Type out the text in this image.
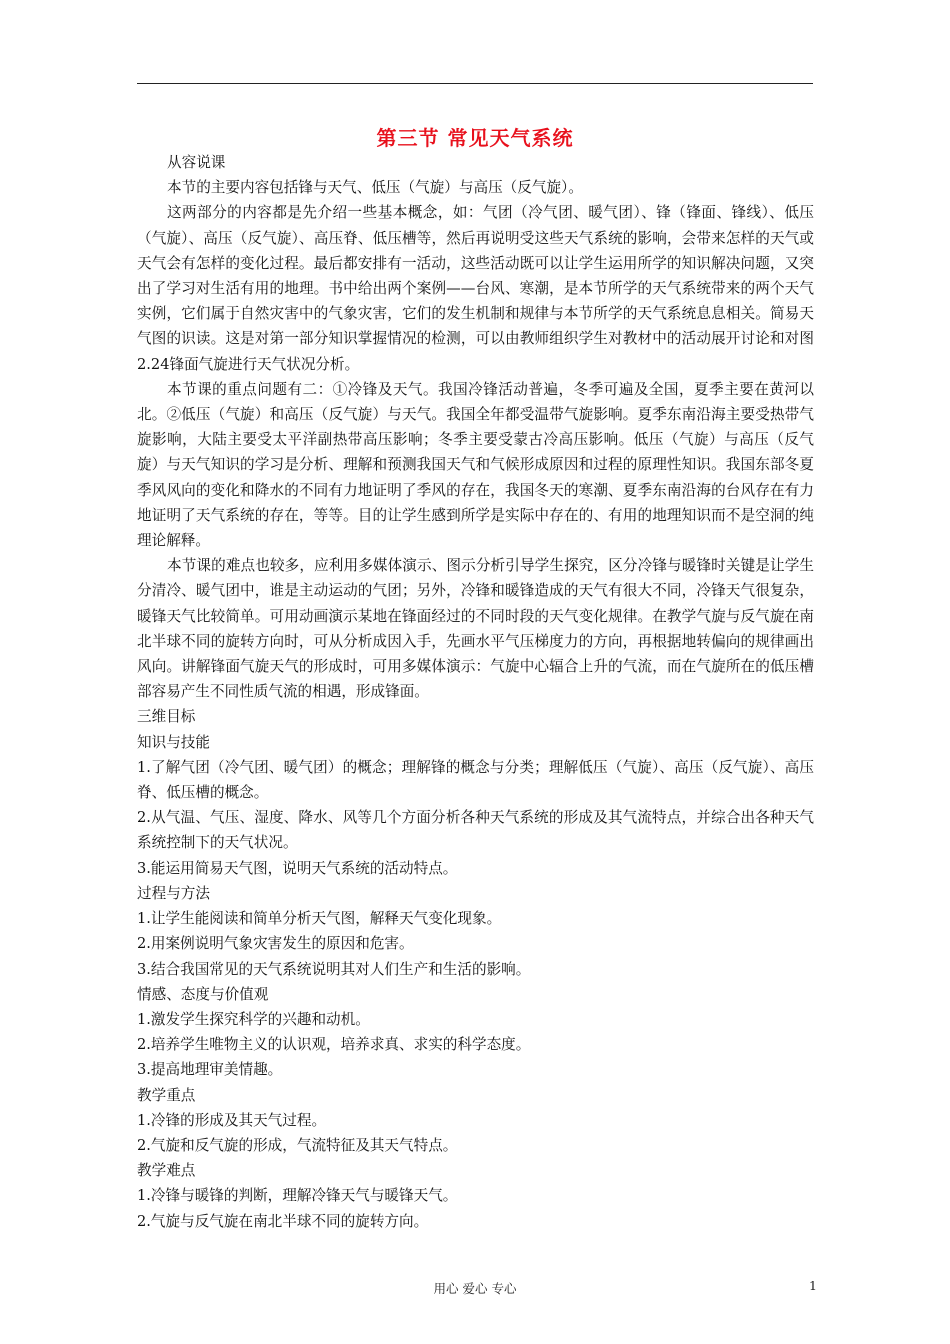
第三节 常见天气系统

从容说课

本节的主要内容包括锋与天气、低压（气旋）与高压（反气旋）。

这两部分的内容都是先介绍一些基本概念，如：气团（冷气团、暖气团）、锋（锋面、锋线）、低压（气旋）、高压（反气旋）、高压脊、低压槽等，然后再说明受这些天气系统的影响，会带来怎样的天气或天气会有怎样的变化过程。最后都安排有一活动，这些活动既可以让学生运用所学的知识解决问题，又突出了学习对生活有用的地理。书中给出两个案例——台风、寒潮，是本节所学的天气系统带来的两个天气实例，它们属于自然灾害中的气象灾害，它们的发生机制和规律与本节所学的天气系统息息相关。简易天气图的识读。这是对第一部分知识掌握情况的检测，可以由教师组织学生对教材中的活动展开讨论和对图2.24锋面气旋进行天气状况分析。

本节课的重点问题有二：①冷锋及天气。我国冷锋活动普遍，冬季可遍及全国，夏季主要在黄河以北。②低压（气旋）和高压（反气旋）与天气。我国全年都受温带气旋影响。夏季东南沿海主要受热带气旋影响，大陆主要受太平洋副热带高压影响；冬季主要受蒙古冷高压影响。低压（气旋）与高压（反气旋）与天气知识的学习是分析、理解和预测我国天气和气候形成原因和过程的原理性知识。我国东部冬夏季风风向的变化和降水的不同有力地证明了季风的存在，我国冬天的寒潮、夏季东南沿海的台风存在有力地证明了天气系统的存在，等等。目的让学生感到所学是实际中存在的、有用的地理知识而不是空洞的纯理论解释。

本节课的难点也较多，应利用多媒体演示、图示分析引导学生探究，区分冷锋与暖锋时关键是让学生分清冷、暖气团中，谁是主动运动的气团；另外，冷锋和暖锋造成的天气有很大不同，冷锋天气很复杂，暖锋天气比较简单。可用动画演示某地在锋面经过的不同时段的天气变化规律。在教学气旋与反气旋在南北半球不同的旋转方向时，可从分析成因入手，先画水平气压梯度力的方向，再根据地转偏向的规律画出风向。讲解锋面气旋天气的形成时，可用多媒体演示：气旋中心辐合上升的气流，而在气旋所在的低压槽部容易产生不同性质气流的相遇，形成锋面。

三维目标

知识与技能

1.了解气团（冷气团、暖气团）的概念；理解锋的概念与分类；理解低压（气旋）、高压（反气旋）、高压脊、低压槽的概念。

2.从气温、气压、湿度、降水、风等几个方面分析各种天气系统的形成及其气流特点，并综合出各种天气系统控制下的天气状况。

3.能运用简易天气图，说明天气系统的活动特点。

过程与方法

1.让学生能阅读和简单分析天气图，解释天气变化现象。

2.用案例说明气象灾害发生的原因和危害。

3.结合我国常见的天气系统说明其对人们生产和生活的影响。

情感、态度与价值观

1.激发学生探究科学的兴趣和动机。

2.培养学生唯物主义的认识观，培养求真、求实的科学态度。

3.提高地理审美情趣。

教学重点

1.冷锋的形成及其天气过程。

2.气旋和反气旋的形成，气流特征及其天气特点。

教学难点

1.冷锋与暖锋的判断，理解冷锋天气与暖锋天气。

2.气旋与反气旋在南北半球不同的旋转方向。

用心 爱心 专心	1
